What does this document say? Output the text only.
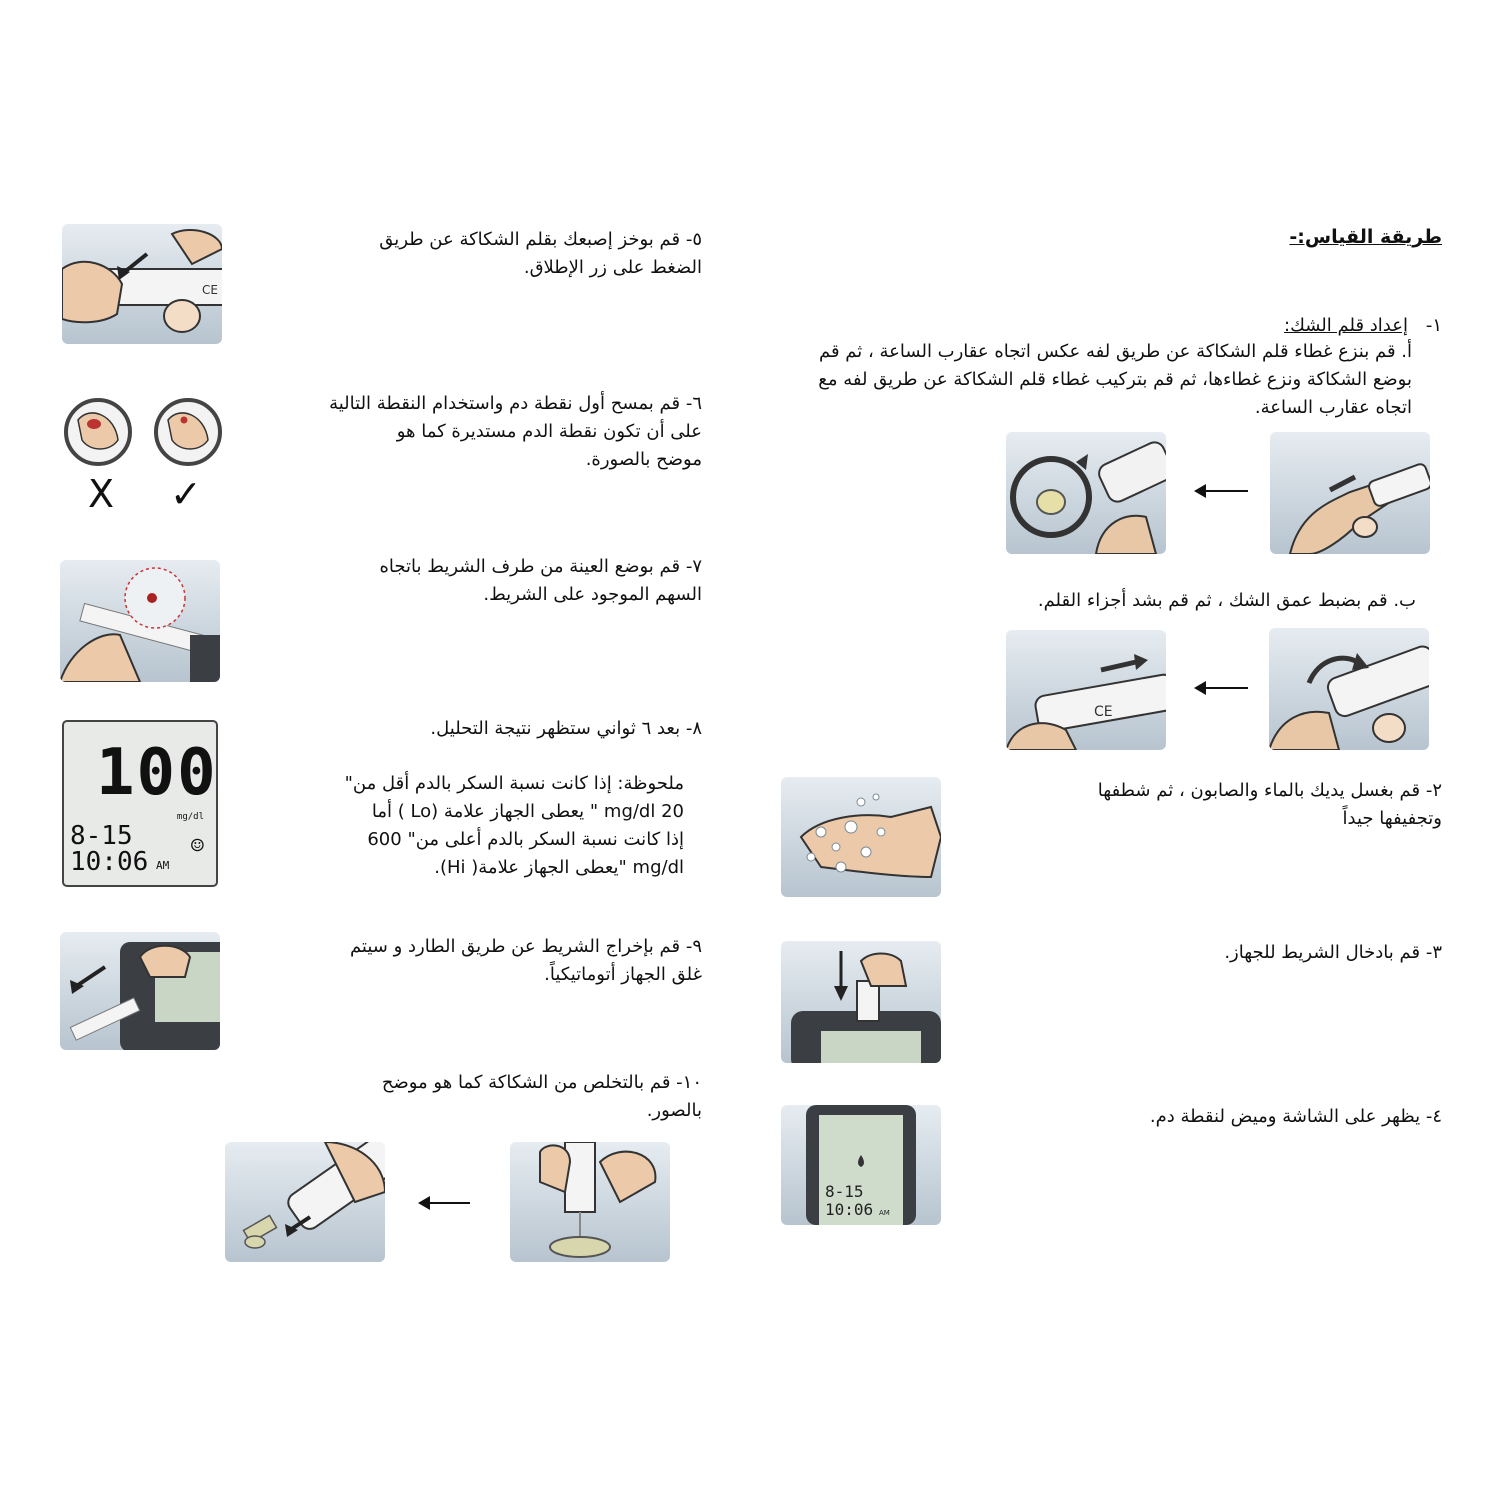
طريقة القياس:-
١-
إعداد قلم الشك:
أ. قم بنزع غطاء قلم الشكاكة عن طريق لفه عكس اتجاه عقارب الساعة ، ثم قم
بوضع الشكاكة ونزع غطاءها، ثم قم بتركيب غطاء قلم الشكاكة عن طريق لفه مع
اتجاه عقارب الساعة.
ب. قم بضبط عمق الشك ، ثم قم بشد أجزاء القلم.
CE
٢- قم بغسل يديك بالماء والصابون ، ثم شطفها
وتجفيفها جيداً
٣- قم بادخال الشريط للجهاز.
٤- يظهر على الشاشة وميض لنقطة دم.
8-15
10:06 AM
٥- قم بوخز إصبعك بقلم الشكاكة عن طريق
الضغط على زر الإطلاق.
CE
٦- قم بمسح أول نقطة دم واستخدام النقطة التالية
على أن تكون نقطة الدم مستديرة كما هو
موضح بالصورة.
X ✓
٧- قم بوضع العينة من طرف الشريط باتجاه
السهم الموجود على الشريط.
٨- بعد ٦ ثواني ستظهر نتيجة التحليل.
ملحوظة: إذا كانت نسبة السكر بالدم أقل من"
20 mg/dl " يعطى الجهاز علامة (Lo ) أما
إذا كانت نسبة السكر بالدم أعلى من" 600
mg/dl "يعطى الجهاز علامة( Hi).
100
mg/dl
8-15
10:06 AM
☺
٩- قم بإخراج الشريط عن طريق الطارد و سيتم
غلق الجهاز أتوماتيكياً.
١٠- قم بالتخلص من الشكاكة كما هو موضح
بالصور.
